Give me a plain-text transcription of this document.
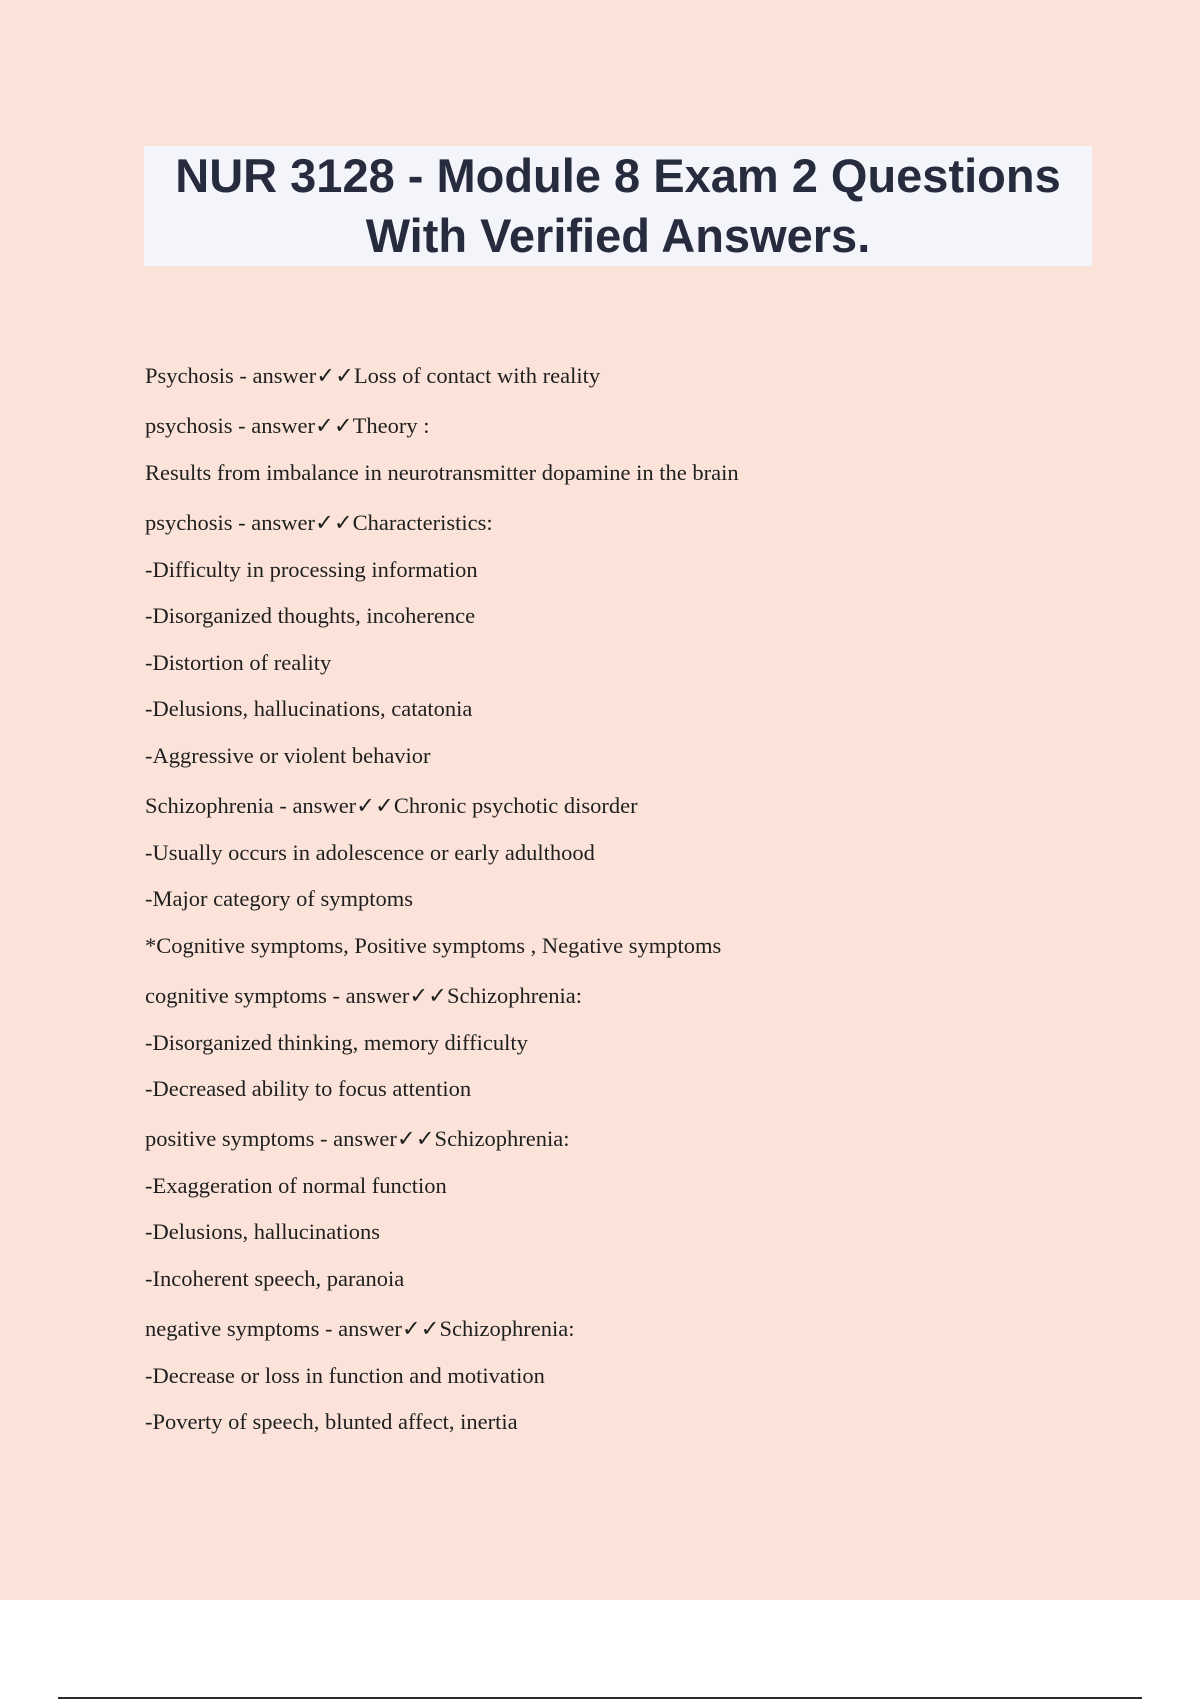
NUR 3128 - Module 8 Exam 2 Questions
With Verified Answers.
Psychosis - answer✓✓Loss of contact with reality
psychosis - answer✓✓Theory :
Results from imbalance in neurotransmitter dopamine in the brain
psychosis - answer✓✓Characteristics:
-Difficulty in processing information
-Disorganized thoughts, incoherence
-Distortion of reality
-Delusions, hallucinations, catatonia
-Aggressive or violent behavior
Schizophrenia - answer✓✓Chronic psychotic disorder
-Usually occurs in adolescence or early adulthood
-Major category of symptoms
*Cognitive symptoms, Positive symptoms , Negative symptoms
cognitive symptoms - answer✓✓Schizophrenia:
-Disorganized thinking, memory difficulty
-Decreased ability to focus attention
positive symptoms - answer✓✓Schizophrenia:
-Exaggeration of normal function
-Delusions, hallucinations
-Incoherent speech, paranoia
negative symptoms - answer✓✓Schizophrenia:
-Decrease or loss in function and motivation
-Poverty of speech, blunted affect, inertia
